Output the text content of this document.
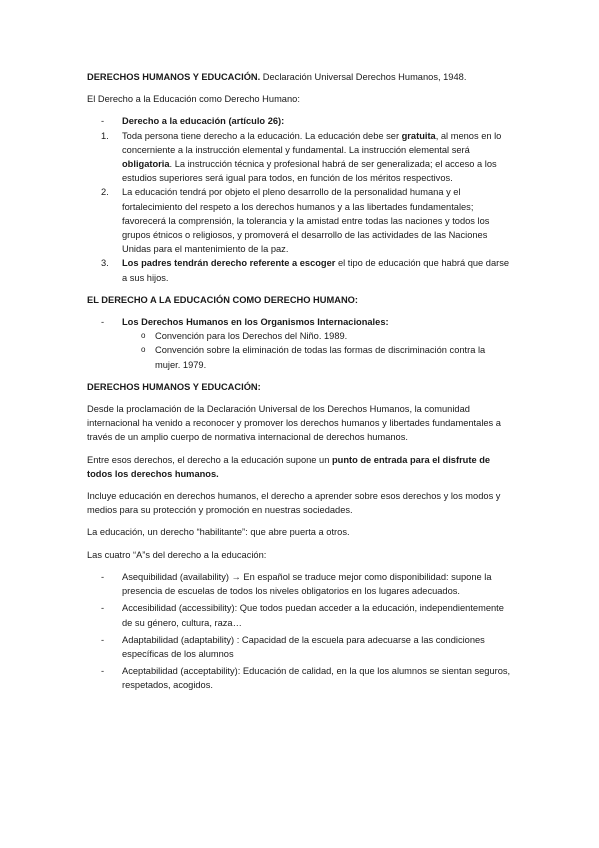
DERECHOS HUMANOS Y EDUCACIÓN. Declaración Universal Derechos Humanos, 1948.

El Derecho a la Educación como Derecho Humano:

- Derecho a la educación (artículo 26):
1. Toda persona tiene derecho a la educación. La educación debe ser gratuita, al menos en lo concerniente a la instrucción elemental y fundamental. La instrucción elemental será obligatoria. La instrucción técnica y profesional habrá de ser generalizada; el acceso a los estudios superiores será igual para todos, en función de los méritos respectivos.
2. La educación tendrá por objeto el pleno desarrollo de la personalidad humana y el fortalecimiento del respeto a los derechos humanos y a las libertades fundamentales; favorecerá la comprensión, la tolerancia y la amistad entre todas las naciones y todos los grupos étnicos o religiosos, y promoverá el desarrollo de las actividades de las Naciones Unidas para el mantenimiento de la paz.
3. Los padres tendrán derecho referente a escoger el tipo de educación que habrá que darse a sus hijos.

EL DERECHO A LA EDUCACIÓN COMO DERECHO HUMANO:

- Los Derechos Humanos en los Organismos Internacionales:
o Convención para los Derechos del Niño. 1989.
o Convención sobre la eliminación de todas las formas de discriminación contra la mujer. 1979.

DERECHOS HUMANOS Y EDUCACIÓN:

Desde la proclamación de la Declaración Universal de los Derechos Humanos, la comunidad internacional ha venido a reconocer y promover los derechos humanos y libertades fundamentales a través de un amplio cuerpo de normativa internacional de derechos humanos.

Entre esos derechos, el derecho a la educación supone un punto de entrada para el disfrute de todos los derechos humanos.

Incluye educación en derechos humanos, el derecho a aprender sobre esos derechos y los modos y medios para su protección y promoción en nuestras sociedades.

La educación, un derecho “habilitante”: que abre puerta a otros.

Las cuatro “A”s del derecho a la educación:

- Asequibilidad (availability) → En español se traduce mejor como disponibilidad: supone la presencia de escuelas de todos los niveles obligatorios en los lugares adecuados.
- Accesibilidad (accessibility): Que todos puedan acceder a la educación, independientemente de su género, cultura, raza…
- Adaptabilidad (adaptability) : Capacidad de la escuela para adecuarse a las condiciones específicas de los alumnos
- Aceptabilidad (acceptability): Educación de calidad, en la que los alumnos se sientan seguros, respetados, acogidos.
